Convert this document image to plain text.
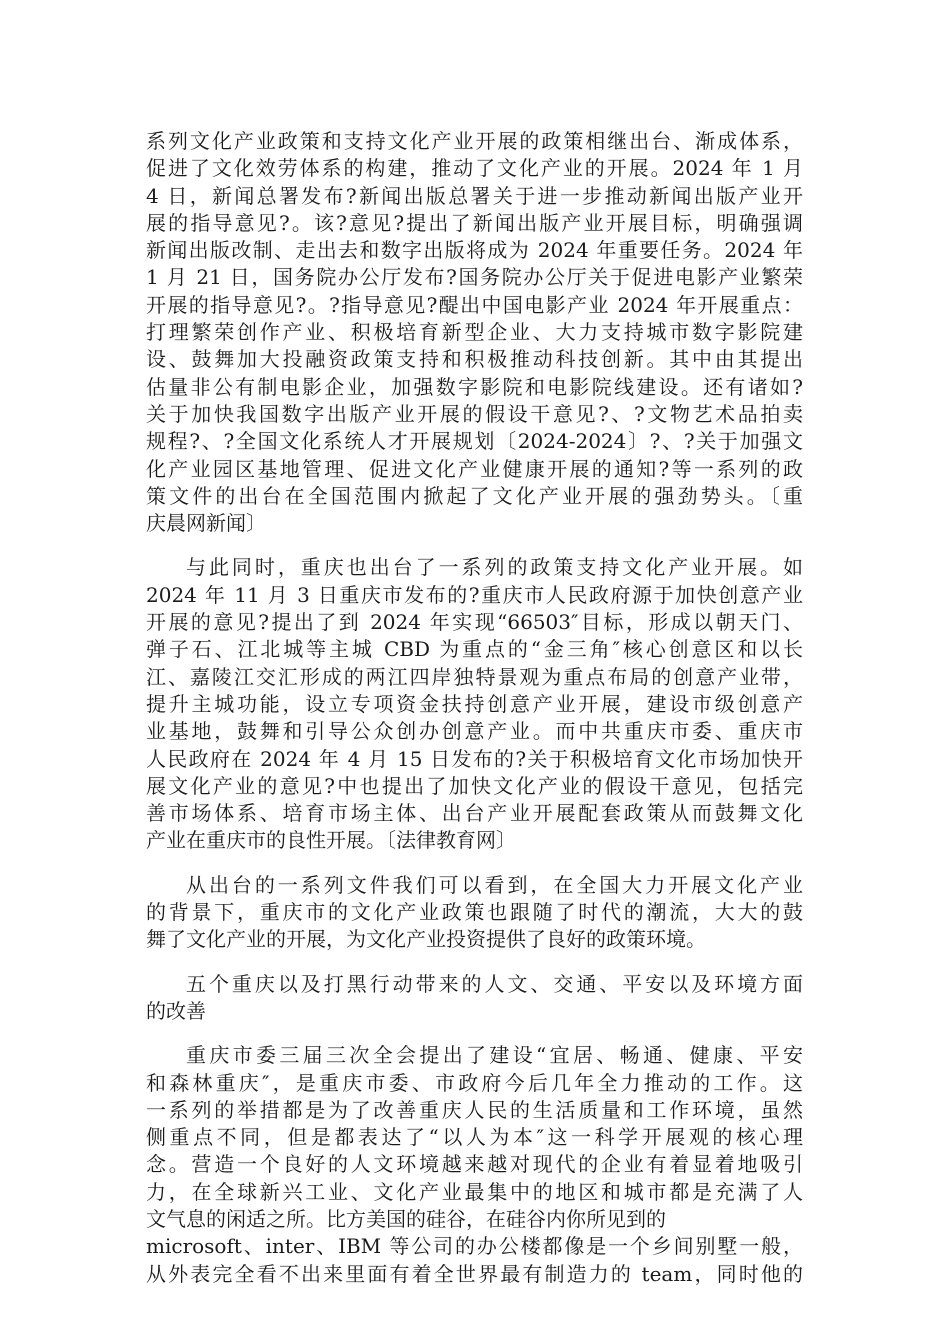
系列文化产业政策和支持文化产业开展的政策相继出台、渐成体系，
促进了文化效劳体系的构建，推动了文化产业的开展。2024 年 1 月
4 日，新闻总署发布?新闻出版总署关于进一步推动新闻出版产业开
展的指导意见?。该?意见?提出了新闻出版产业开展目标，明确强调
新闻出版改制、走出去和数字出版将成为 2024 年重要任务。2024 年
1 月 21 日，国务院办公厅发布?国务院办公厅关于促进电影产业繁荣
开展的指导意见?。?指导意见?醍出中国电影产业 2024 年开展重点：
打理繁荣创作产业、积极培育新型企业、大力支持城市数字影院建
设、鼓舞加大投融资政策支持和积极推动科技创新。其中由其提出
估量非公有制电影企业，加强数字影院和电影院线建设。还有诸如?
关于加快我国数字出版产业开展的假设干意见?、?文物艺术品拍卖
规程?、?全国文化系统人才开展规划〔2024-2024〕?、?关于加强文
化产业园区基地管理、促进文化产业健康开展的通知?等一系列的政
策文件的出台在全国范围内掀起了文化产业开展的强劲势头。〔重
庆晨网新闻〕
与此同时，重庆也出台了一系列的政策支持文化产业开展。如
2024 年 11 月 3 日重庆市发布的?重庆市人民政府源于加快创意产业
开展的意见?提出了到 2024 年实现“66503″目标，形成以朝天门、
弹子石、江北城等主城 CBD 为重点的“金三角″核心创意区和以长
江、嘉陵江交汇形成的两江四岸独特景观为重点布局的创意产业带，
提升主城功能，设立专项资金扶持创意产业开展，建设市级创意产
业基地，鼓舞和引导公众创办创意产业。而中共重庆市委、重庆市
人民政府在 2024 年 4 月 15 日发布的?关于积极培育文化市场加快开
展文化产业的意见?中也提出了加快文化产业的假设干意见，包括完
善市场体系、培育市场主体、出台产业开展配套政策从而鼓舞文化
产业在重庆市的良性开展。〔法律教育网〕
从出台的一系列文件我们可以看到，在全国大力开展文化产业
的背景下，重庆市的文化产业政策也跟随了时代的潮流，大大的鼓
舞了文化产业的开展，为文化产业投资提供了良好的政策环境。
五个重庆以及打黑行动带来的人文、交通、平安以及环境方面
的改善
重庆市委三届三次全会提出了建设“宜居、畅通、健康、平安
和森林重庆″，是重庆市委、市政府今后几年全力推动的工作。这
一系列的举措都是为了改善重庆人民的生活质量和工作环境，虽然
侧重点不同，但是都表达了“以人为本″这一科学开展观的核心理
念。营造一个良好的人文环境越来越对现代的企业有着显着地吸引
力，在全球新兴工业、文化产业最集中的地区和城市都是充满了人
文气息的闲适之所。比方美国的硅谷，在硅谷内你所见到的
microsoft、inter、IBM 等公司的办公楼都像是一个乡间别墅一般，
从外表完全看不出来里面有着全世界最有制造力的 team，同时他的
